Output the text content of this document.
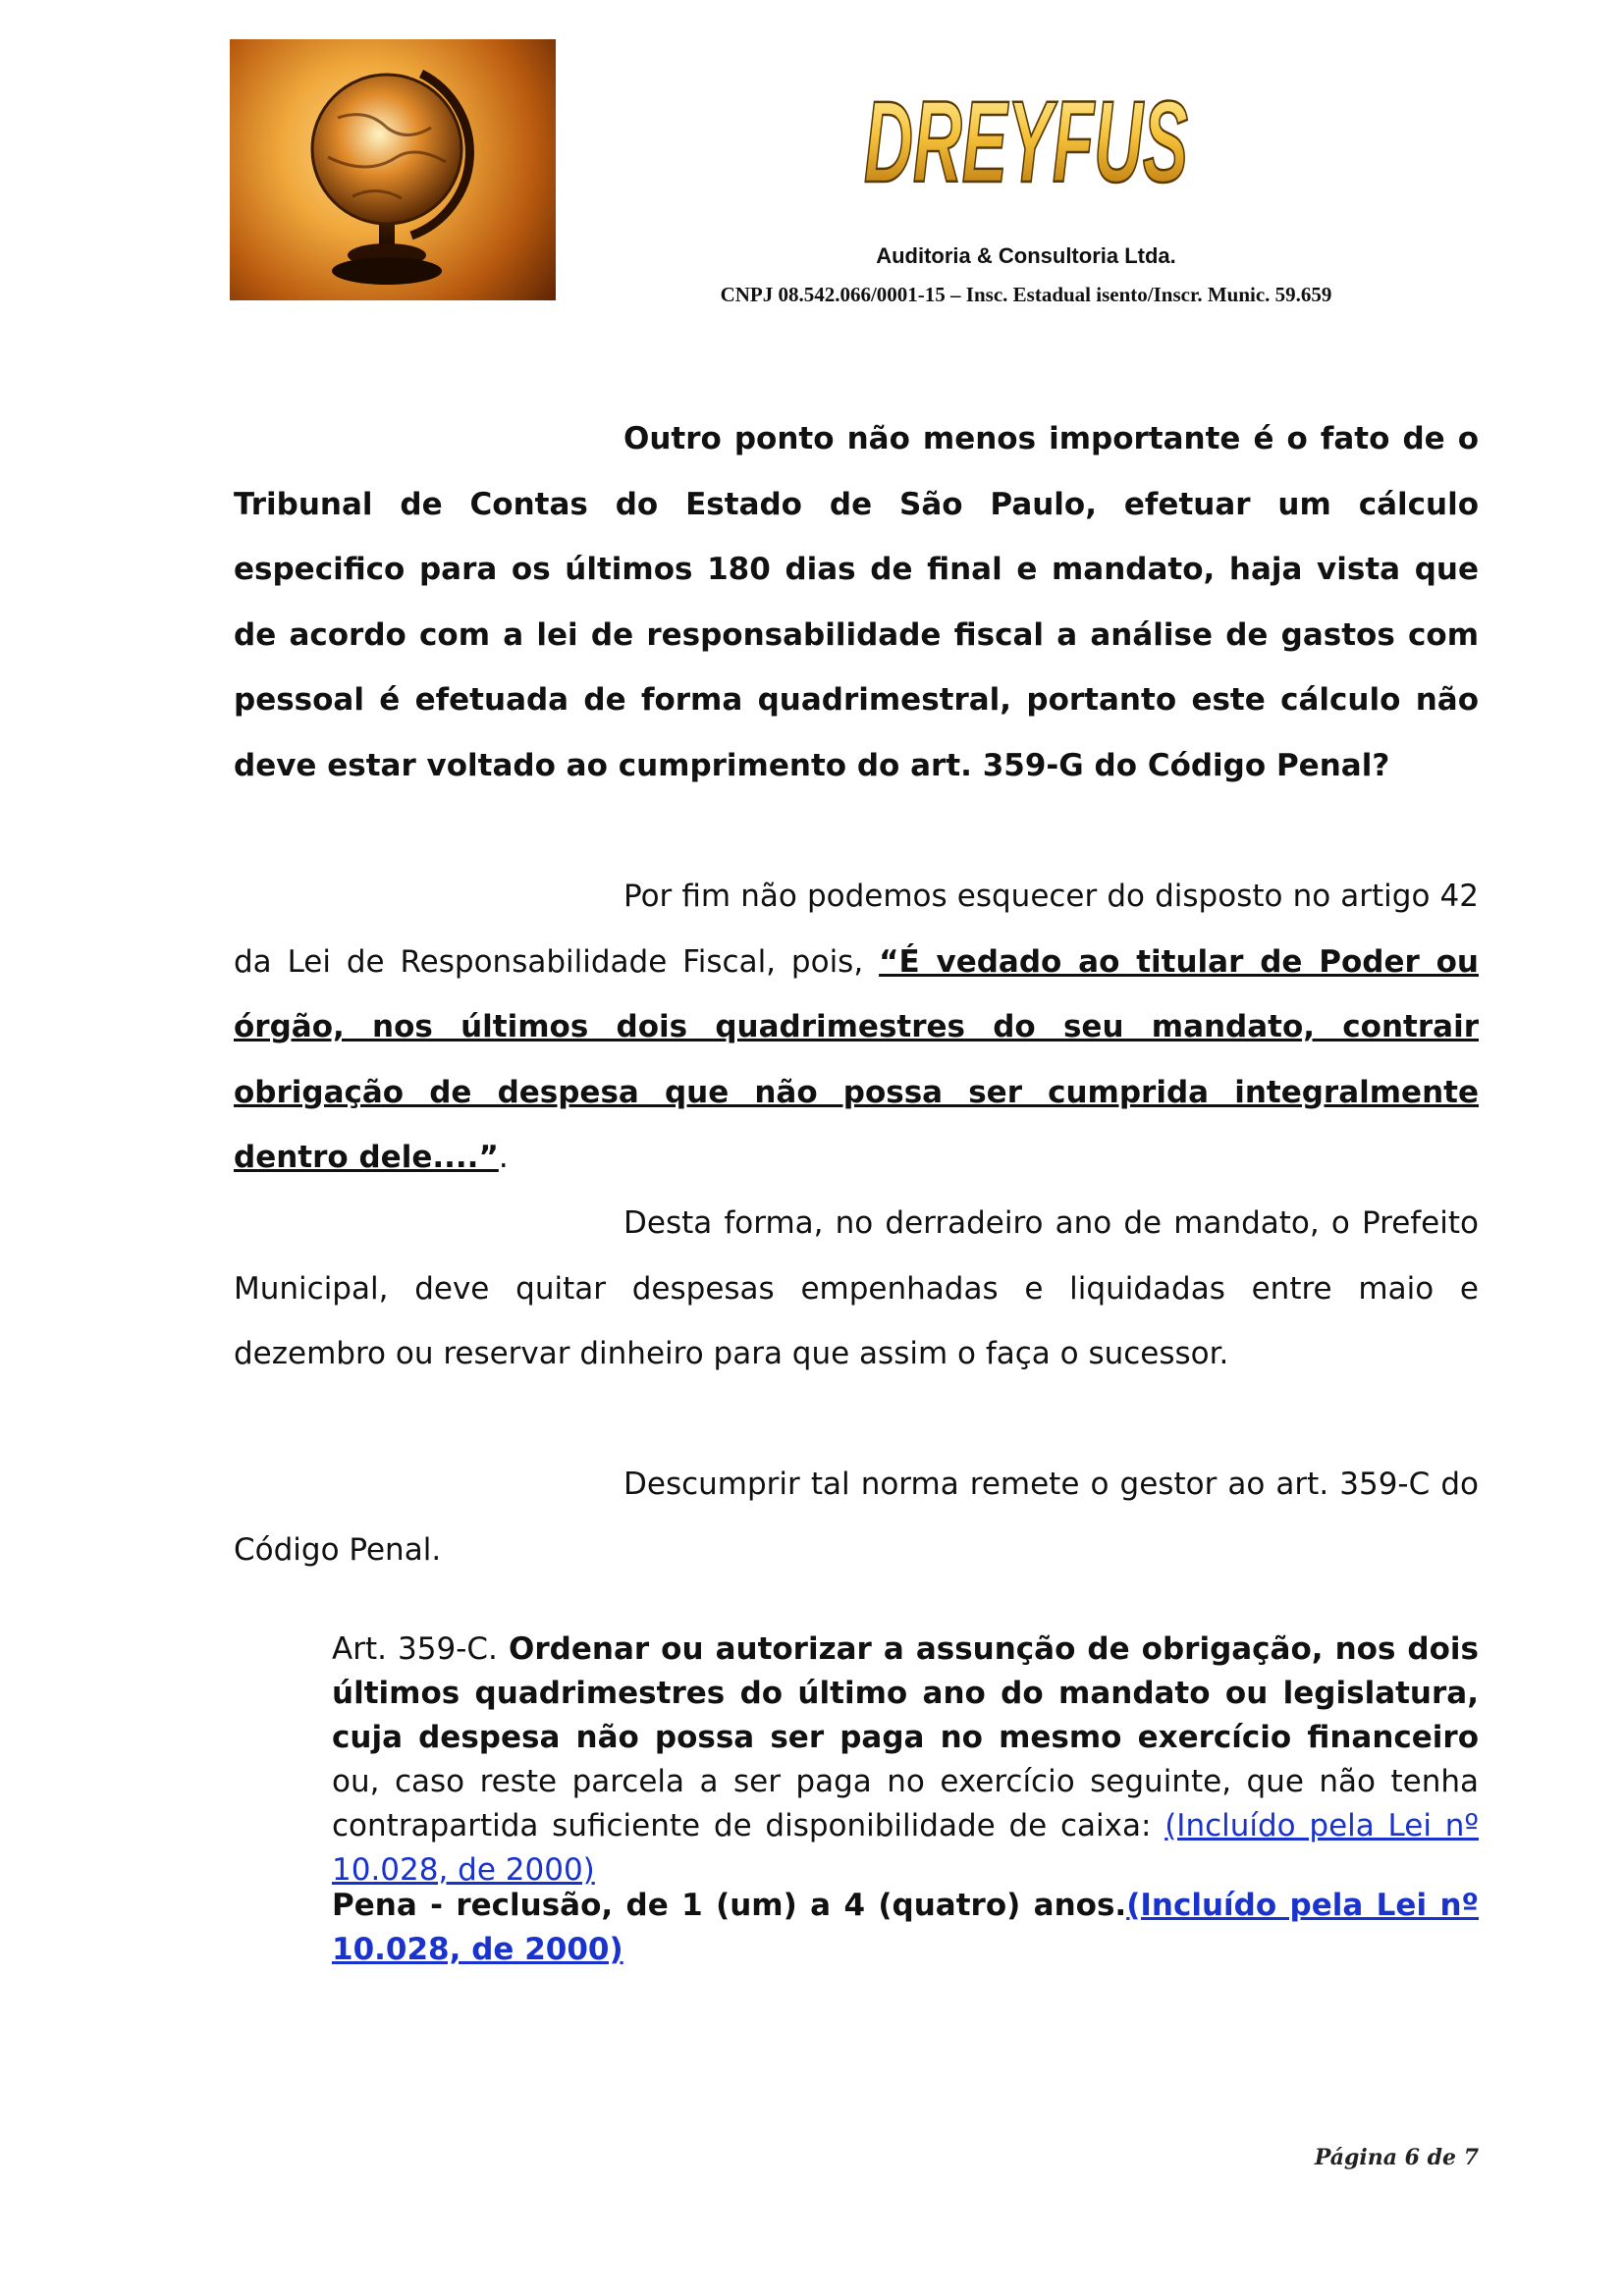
DREYFUS
Auditoria & Consultoria Ltda.
CNPJ 08.542.066/0001-15 – Insc. Estadual isento/Inscr. Munic. 59.659

Outro ponto não menos importante é o fato de o Tribunal de Contas do Estado de São Paulo, efetuar um cálculo especifico para os últimos 180 dias de final e mandato, haja vista que de acordo com a lei de responsabilidade fiscal a análise de gastos com pessoal é efetuada de forma quadrimestral, portanto este cálculo não deve estar voltado ao cumprimento do art. 359-G do Código Penal?

Por fim não podemos esquecer do disposto no artigo 42 da Lei de Responsabilidade Fiscal, pois, “É vedado ao titular de Poder ou órgão, nos últimos dois quadrimestres do seu mandato, contrair obrigação de despesa que não possa ser cumprida integralmente dentro dele....”.

Desta forma, no derradeiro ano de mandato, o Prefeito Municipal, deve quitar despesas empenhadas e liquidadas entre maio e dezembro ou reservar dinheiro para que assim o faça o sucessor.

Descumprir tal norma remete o gestor ao art. 359-C do Código Penal.

Art. 359-C. Ordenar ou autorizar a assunção de obrigação, nos dois últimos quadrimestres do último ano do mandato ou legislatura, cuja despesa não possa ser paga no mesmo exercício financeiro ou, caso reste parcela a ser paga no exercício seguinte, que não tenha contrapartida suficiente de disponibilidade de caixa: (Incluído pela Lei nº 10.028, de 2000)

Pena - reclusão, de 1 (um) a 4 (quatro) anos.(Incluído pela Lei nº 10.028, de 2000)

Página 6 de 7
